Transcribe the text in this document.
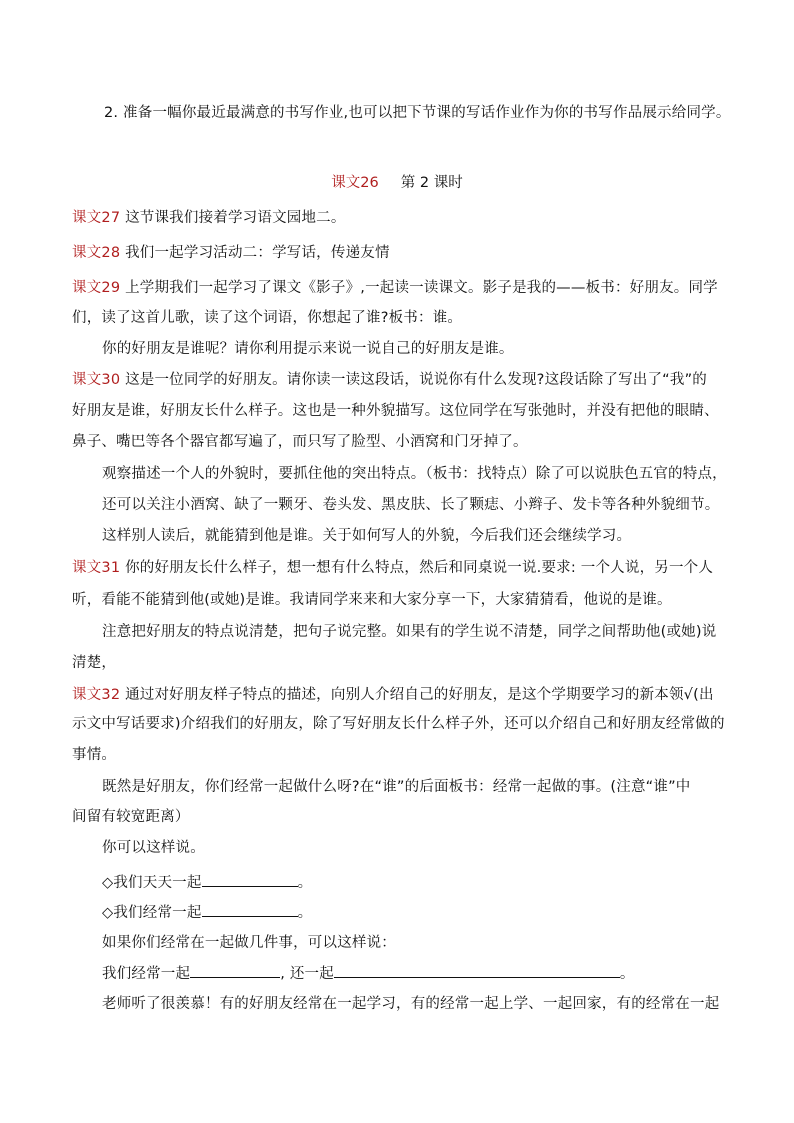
2. 准备一幅你最近最满意的书写作业,也可以把下节课的写话作业作为你的书写作品展示给同学。
课文26 第 2 课时
课文27 这节课我们接着学习语文园地二。
课文28 我们一起学习活动二：学写话，传递友情
课文29 上学期我们一起学习了课文《影子》,一起读一读课文。影子是我的——板书：好朋友。同学
们，读了这首儿歌，读了这个词语，你想起了谁?板书：谁。
你的好朋友是谁呢？请你利用提示来说一说自己的好朋友是谁。
课文30 这是一位同学的好朋友。请你读一读这段话，说说你有什么发现?这段话除了写出了“我”的
好朋友是谁，好朋友长什么样子。这也是一种外貌描写。这位同学在写张弛时，并没有把他的眼睛、
鼻子、嘴巴等各个器官都写遍了，而只写了脸型、小酒窝和门牙掉了。
观察描述一个人的外貌时，要抓住他的突出特点。（板书：找特点）除了可以说肤色五官的特点，
还可以关注小酒窝、缺了一颗牙、卷头发、黑皮肤、长了颗痣、小辫子、发卡等各种外貌细节。
这样别人读后，就能猜到他是谁。关于如何写人的外貌，今后我们还会继续学习。
课文31 你的好朋友长什么样子，想一想有什么特点，然后和同桌说一说.要求: 一个人说，另一个人
听，看能不能猜到他(或她)是谁。我请同学来来和大家分享一下，大家猜猜看，他说的是谁。
注意把好朋友的特点说清楚，把句子说完整。如果有的学生说不清楚，同学之间帮助他(或她)说
清楚，
课文32 通过对好朋友样子特点的描述，向别人介绍自己的好朋友，是这个学期要学习的新本领√(出
示文中写话要求)介绍我们的好朋友，除了写好朋友长什么样子外，还可以介绍自己和好朋友经常做的
事情。
既然是好朋友，你们经常一起做什么呀?在“谁”的后面板书：经常一起做的事。(注意“谁”中
间留有较宽距离）
你可以这样说。
◇我们天天一起	。
◇我们经常一起	。
如果你们经常在一起做几件事，可以这样说：
我们经常一起	, 还一起	。
老师听了很羡慕！有的好朋友经常在一起学习，有的经常一起上学、一起回家，有的经常在一起
